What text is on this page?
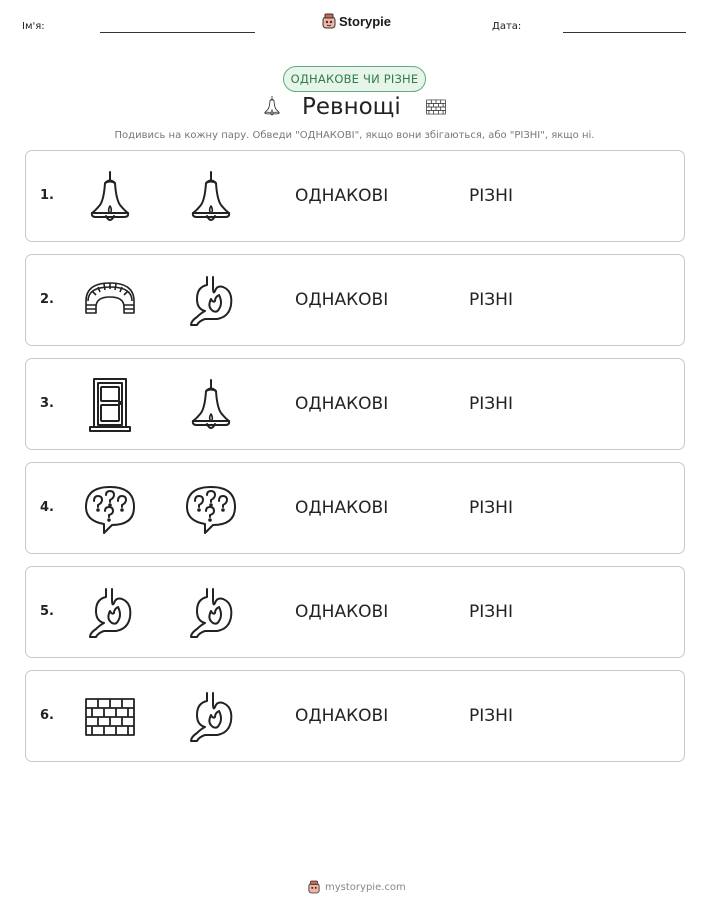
Ім'я:	Storypie	Дата:
ОДНАКОВЕ ЧИ РІЗНЕ
Ревнощі
Подивись на кожну пару. Обведи "ОДНАКОВІ", якщо вони збігаються, або "РІЗНІ", якщо ні.
1.	ОДНАКОВІ	РІЗНІ
2.	ОДНАКОВІ	РІЗНІ
3.	ОДНАКОВІ	РІЗНІ
4.	ОДНАКОВІ	РІЗНІ
5.	ОДНАКОВІ	РІЗНІ
6.	ОДНАКОВІ	РІЗНІ
mystorypie.com
